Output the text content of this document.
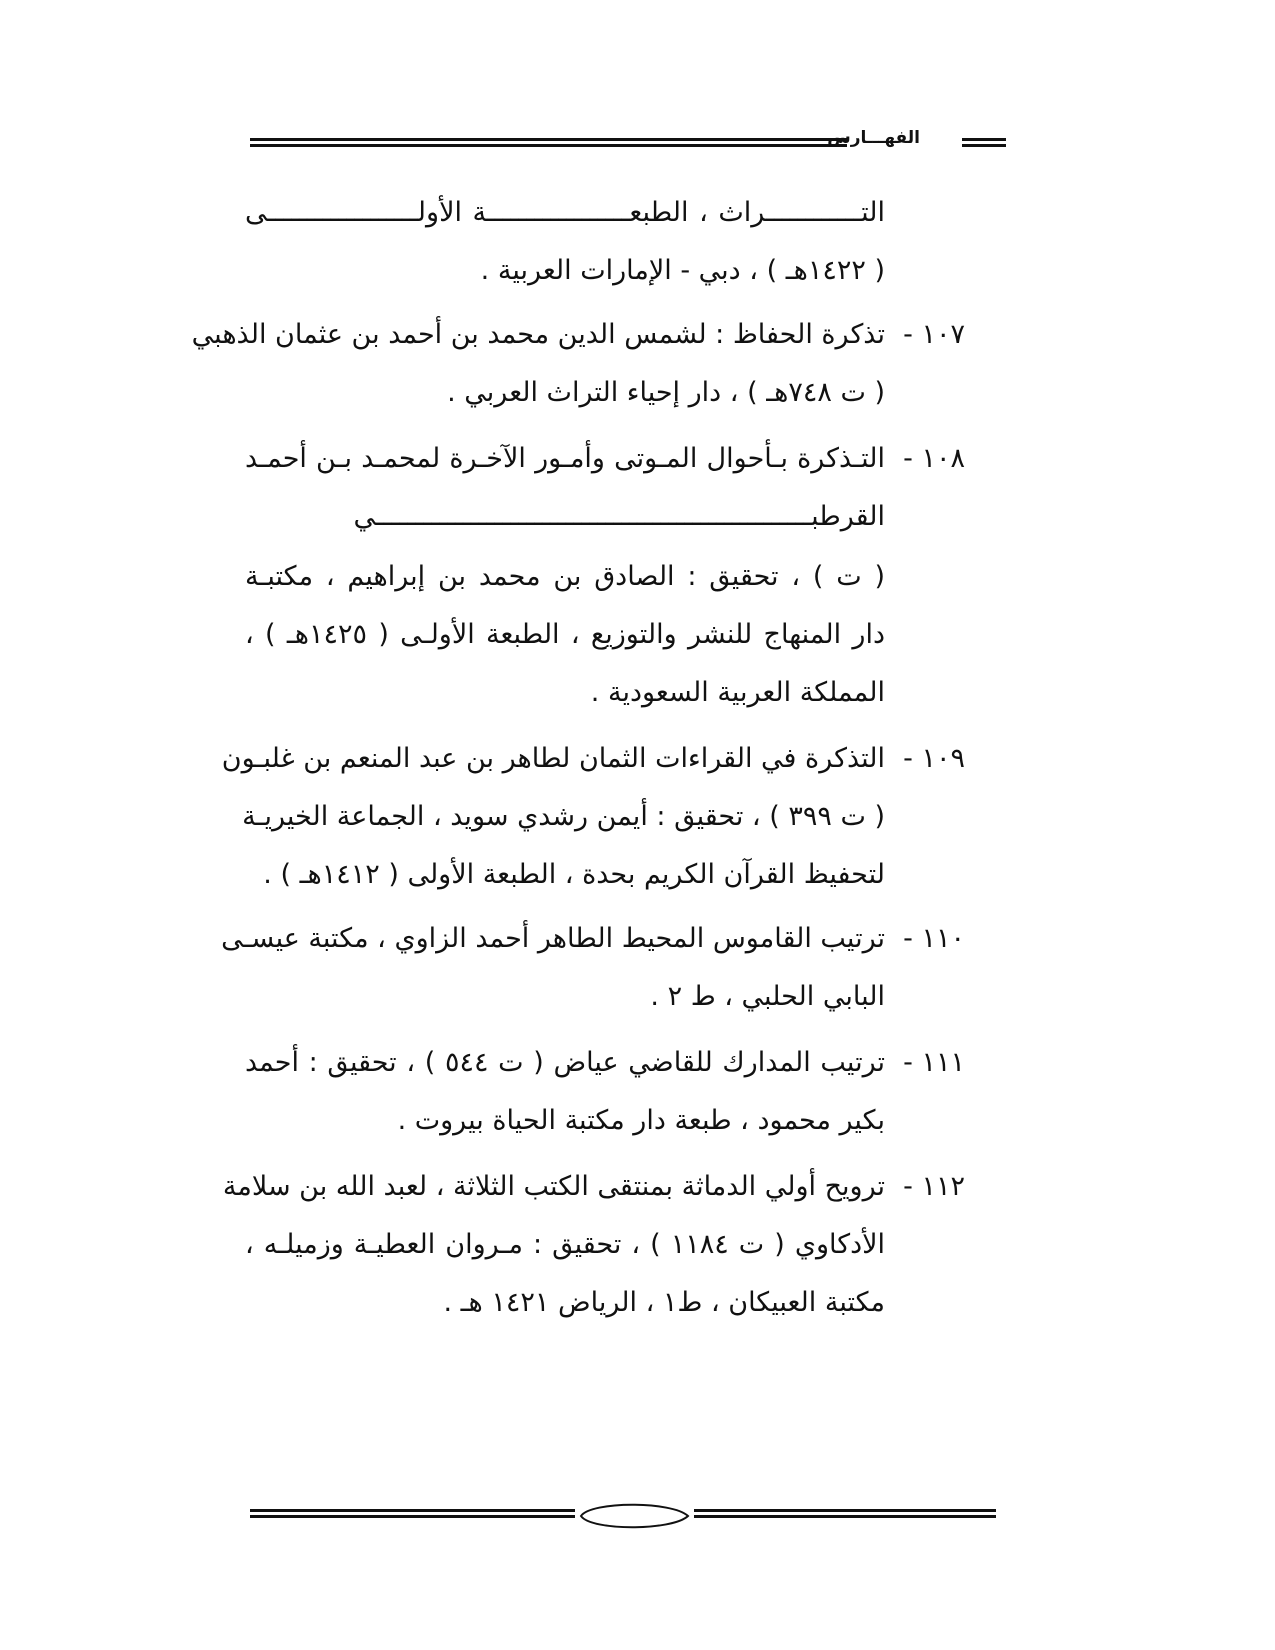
الفهـــارس
التــــــــــــراث ، الطبعــــــــــــــــــة الأولـــــــــــــــــــى
( ١٤٢٢هـ ) ، دبي - الإمارات العربية .
١٠٧ -
تذكرة الحفاظ : لشمس الدين محمد بن أحمد بن عثمان الذهبي
( ت ٧٤٨هـ ) ، دار إحياء التراث العربي .
١٠٨ -
التـذكرة بـأحوال المـوتى وأمـور الآخـرة لمحمـد بـن أحمـد
القرطبـــــــــــــــــــــــــــــــــــــــــــــــــــــــي
( ت ) ، تحقيق : الصادق بن محمد بن إبراهيم ، مكتبـة
دار المنهاج للنشر والتوزيع ، الطبعة الأولـى ( ١٤٢٥هـ ) ،
المملكة العربية السعودية .
١٠٩ -
التذكرة في القراءات الثمان لطاهر بن عبد المنعم بن غلبـون
( ت ٣٩٩ ) ، تحقيق : أيمن رشدي سويد ، الجماعة الخيريـة
لتحفيظ القرآن الكريم بحدة ، الطبعة الأولى ( ١٤١٢هـ ) .
١١٠ -
ترتيب القاموس المحيط الطاهر أحمد الزاوي ، مكتبة عيسـى
البابي الحلبي ، ط ٢ .
١١١ -
ترتيب المدارك للقاضي عياض ( ت ٥٤٤ ) ، تحقيق : أحمد
بكير محمود ، طبعة دار مكتبة الحياة بيروت .
١١٢ -
ترويح أولي الدماثة بمنتقى الكتب الثلاثة ، لعبد الله بن سلامة
الأدكاوي ( ت ١١٨٤ ) ، تحقيق : مـروان العطيـة وزميلـه ،
مكتبة العبيكان ، ط١ ، الرياض ١٤٢١ هـ .
